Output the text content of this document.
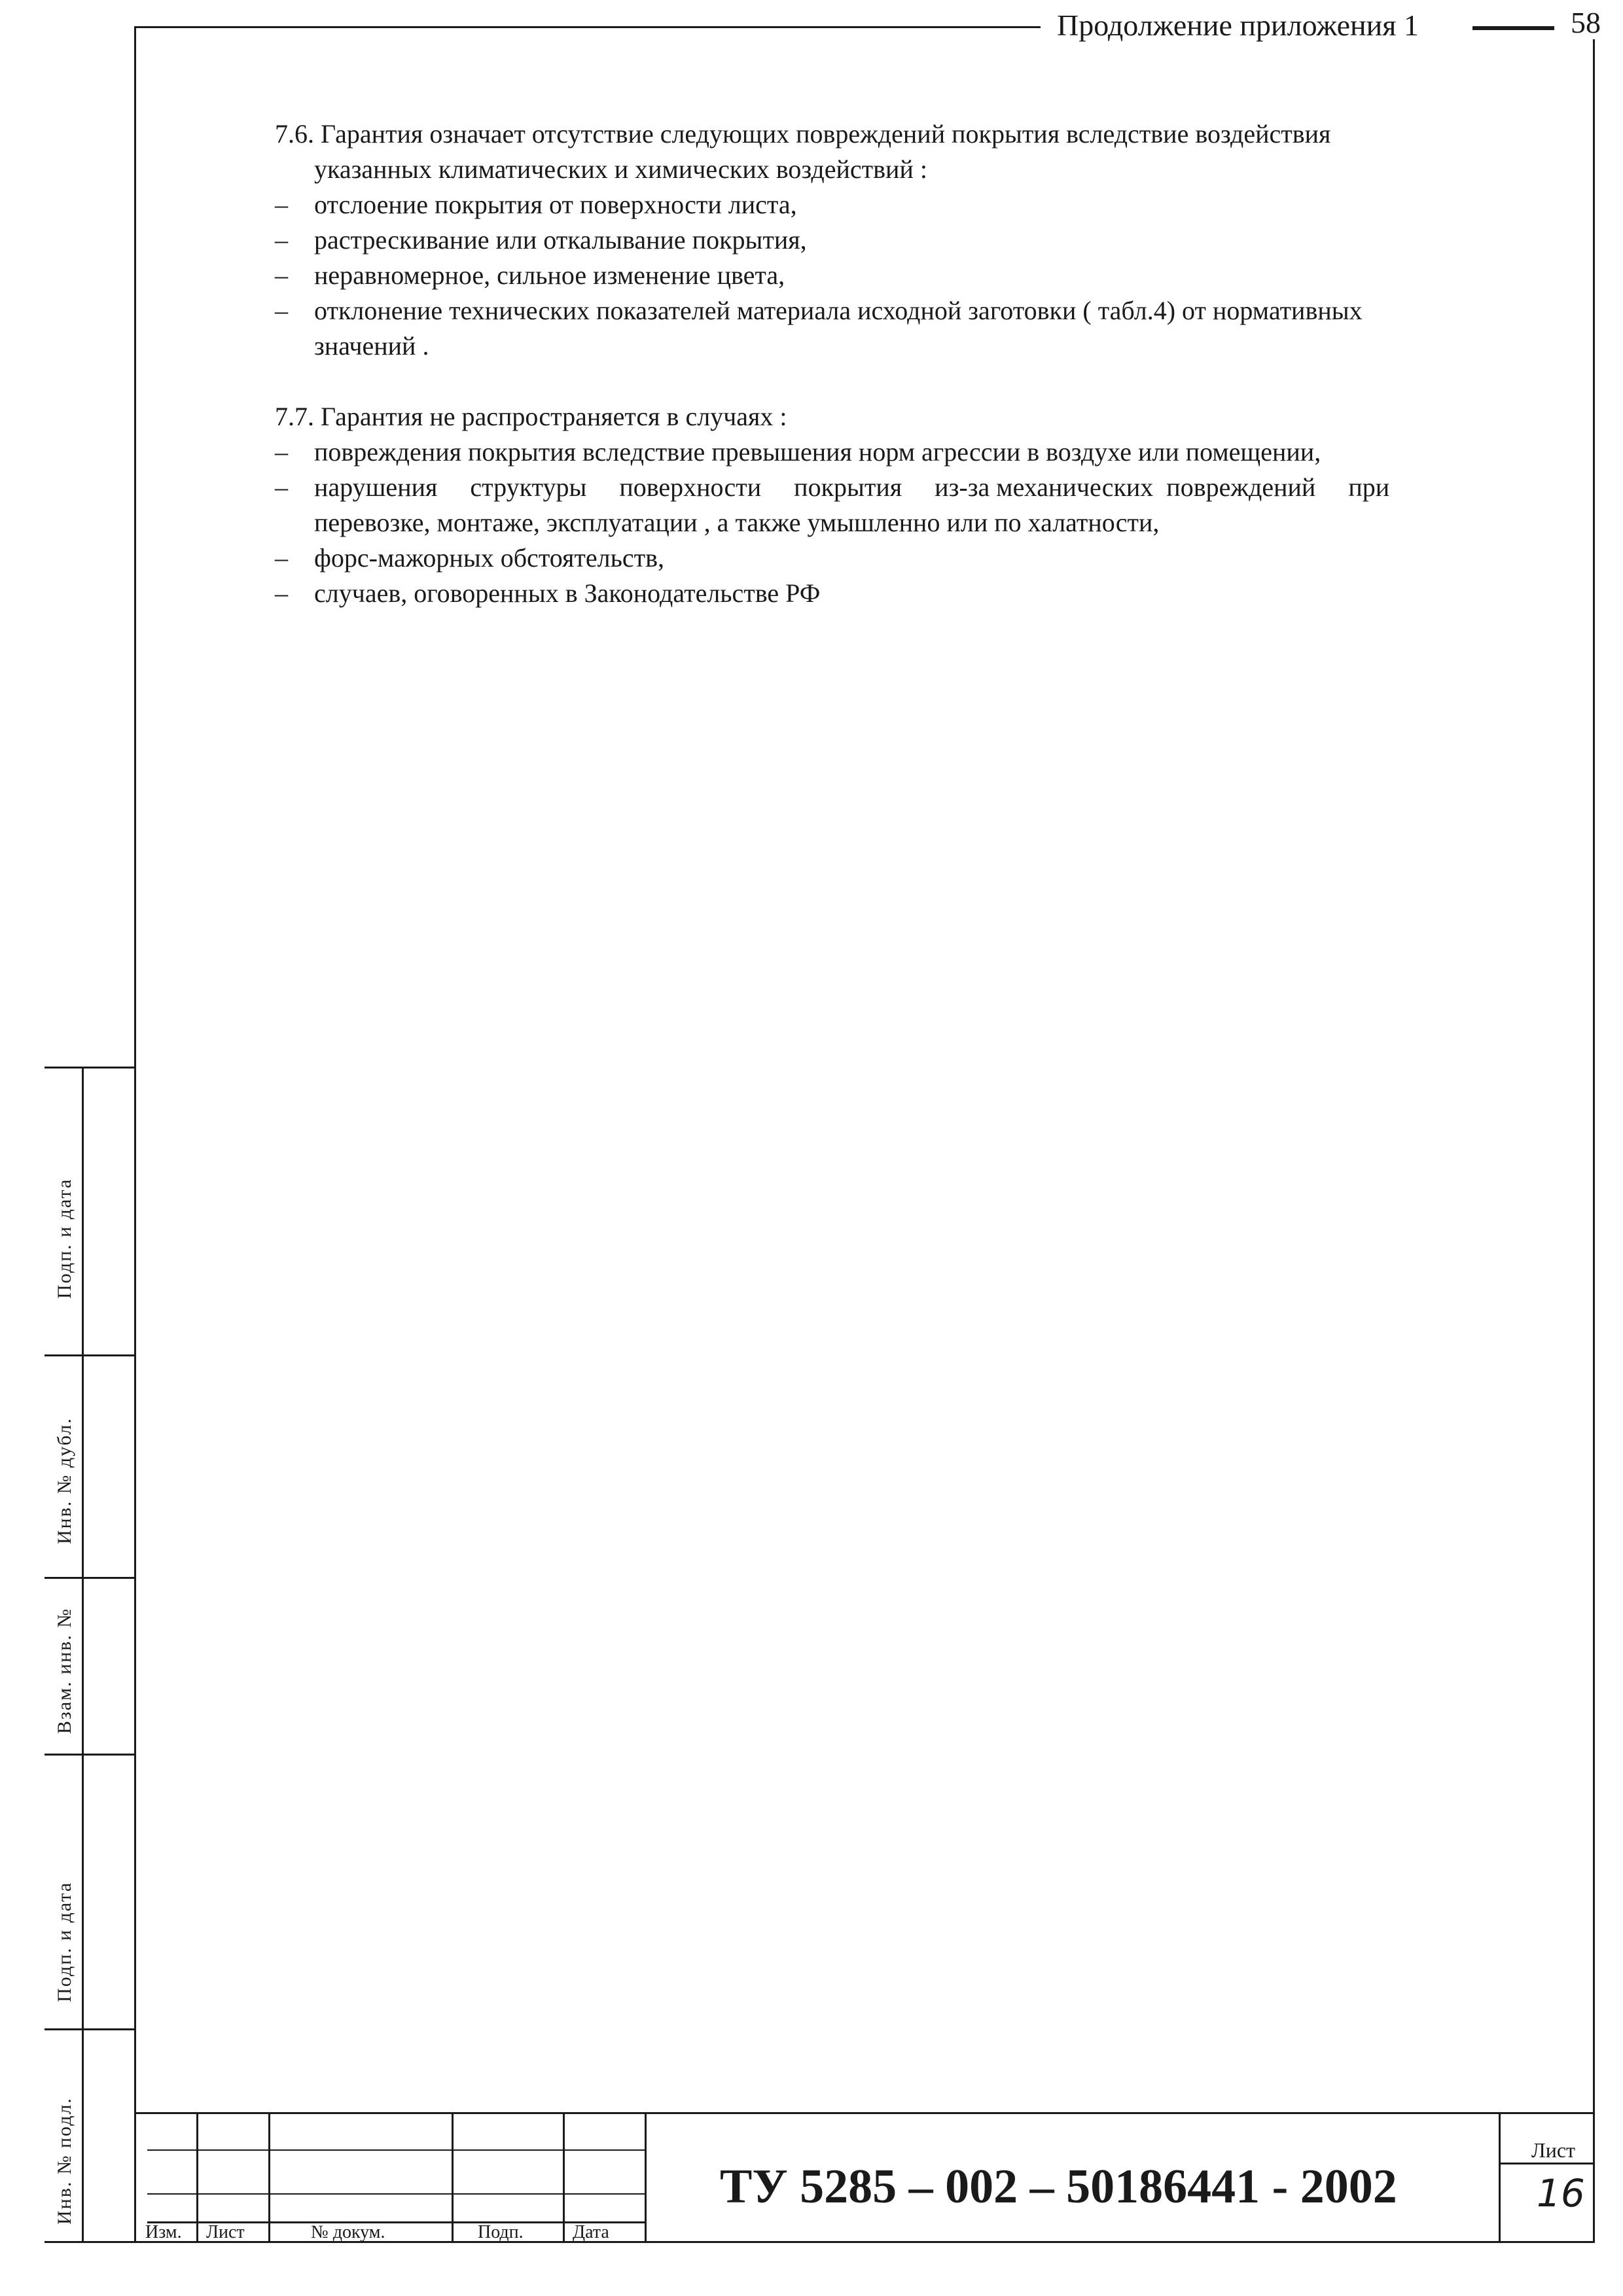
Продолжение приложения 1	58
7.6. Гарантия означает отсутствие следующих повреждений покрытия вследствие воздействия
указанных климатических и химических воздействий :
– отслоение покрытия от поверхности листа,
– растрескивание или откалывание покрытия,
– неравномерное, сильное изменение цвета,
– отклонение технических показателей материала исходной заготовки ( табл.4) от нормативных
значений .
7.7. Гарантия не распространяется в случаях :
– повреждения покрытия вследствие превышения норм агрессии в воздухе или помещении,
– нарушения     структуры     поверхности     покрытия     из-за механических  повреждений     при
перевозке, монтаже, эксплуатации , а также умышленно или по халатности,
– форс-мажорных обстоятельств,
– случаев, оговоренных в Законодательстве РФ
Подп. и дата
Инв. № дубл.
Взам. инв. №
Подп. и дата
Инв. № подл.
Изм. Лист	№ докум.	Подп.	Дата
ТУ 5285 – 002 – 50186441 - 2002
Лист
16
